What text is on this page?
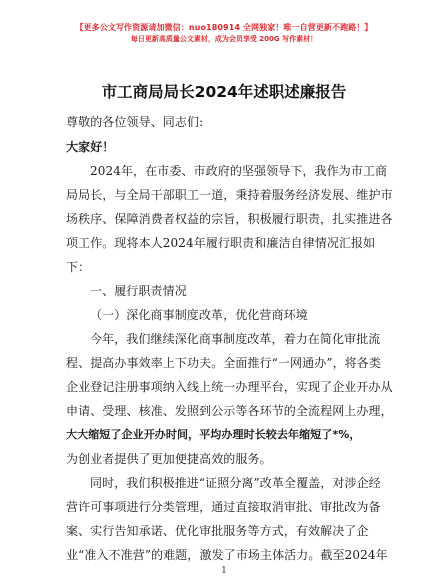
【更多公文写作资源请加微信：nuo180914 全网独家！唯一自营更新不跑路！】
每日更新高质量公文素材，成为会员享受 200G 写作素材！
市工商局局长2024年述职述廉报告
尊敬的各位领导、同志们:
大家好！
2024年，在市委、市政府的坚强领导下，我作为市工商
局局长，与全局干部职工一道，秉持着服务经济发展、维护市
场秩序、保障消费者权益的宗旨，积极履行职责，扎实推进各
项工作。现将本人2024年履行职责和廉洁自律情况汇报如
下：
一、履行职责情况
（一）深化商事制度改革，优化营商环境
今年，我们继续深化商事制度改革，着力在简化审批流
程、提高办事效率上下功夫。全面推行“一网通办”，将各类
企业登记注册事项纳入线上统一办理平台，实现了企业开办从
申请、受理、核准、发照到公示等各环节的全流程网上办理，
大大缩短了企业开办时间，平均办理时长较去年缩短了*%，
为创业者提供了更加便捷高效的服务。
同时，我们积极推进“证照分离”改革全覆盖，对涉企经
营许可事项进行分类管理，通过直接取消审批、审批改为备
案、实行告知承诺、优化审批服务等方式，有效解决了企
业“准入不准营”的难题，激发了市场主体活力。截至2024年
1
